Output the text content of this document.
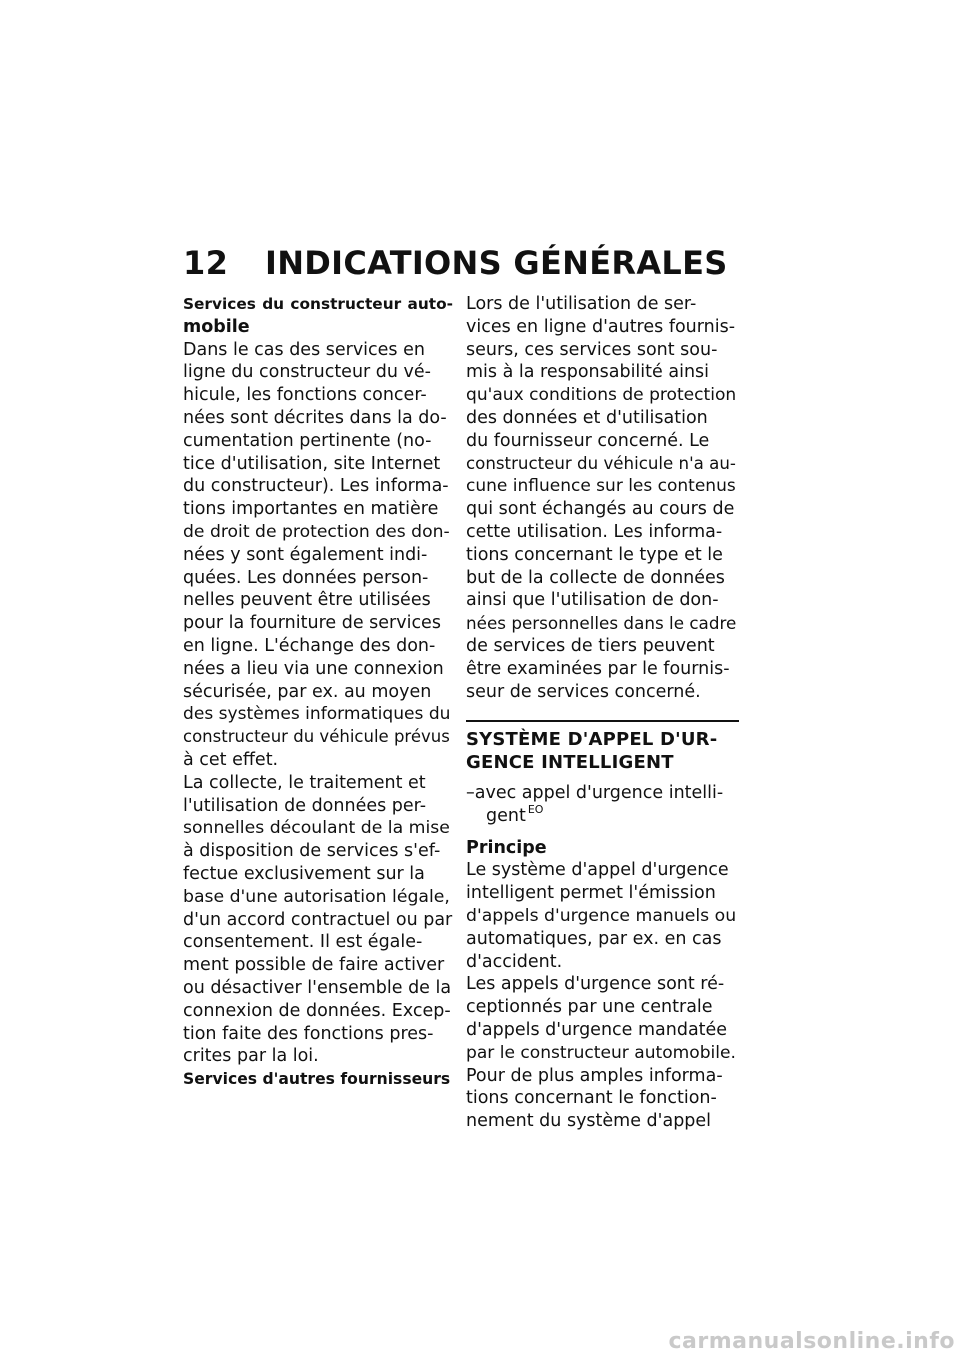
12 INDICATIONS GÉNÉRALES
Services du constructeur auto-
mobile
Dans le cas des services en
ligne du constructeur du vé-
hicule, les fonctions concer-
nées sont décrites dans la do-
cumentation pertinente (no-
tice d'utilisation, site Internet
du constructeur). Les informa-
tions importantes en matière
de droit de protection des don-
nées y sont également indi-
quées. Les données person-
nelles peuvent être utilisées
pour la fourniture de services
en ligne. L'échange des don-
nées a lieu via une connexion
sécurisée, par ex. au moyen
des systèmes informatiques du
constructeur du véhicule prévus
à cet effet.
La collecte, le traitement et
l'utilisation de données per-
sonnelles découlant de la mise
à disposition de services s'ef-
fectue exclusivement sur la
base d'une autorisation légale,
d'un accord contractuel ou par
consentement. Il est égale-
ment possible de faire activer
ou désactiver l'ensemble de la
connexion de données. Excep-
tion faite des fonctions pres-
crites par la loi.
Services d'autres fournisseurs
Lors de l'utilisation de ser-
vices en ligne d'autres fournis-
seurs, ces services sont sou-
mis à la responsabilité ainsi
qu'aux conditions de protection
des données et d'utilisation
du fournisseur concerné. Le
constructeur du véhicule n'a au-
cune influence sur les contenus
qui sont échangés au cours de
cette utilisation. Les informa-
tions concernant le type et le
but de la collecte de données
ainsi que l'utilisation de don-
nées personnelles dans le cadre
de services de tiers peuvent
être examinées par le fournis-
seur de services concerné.
SYSTÈME D'APPEL D'UR-
GENCE INTELLIGENT
–avec appel d'urgence intelli-
gent $^{EO}$
Principe
Le système d'appel d'urgence
intelligent permet l'émission
d'appels d'urgence manuels ou
automatiques, par ex. en cas
d'accident.
Les appels d'urgence sont ré-
ceptionnés par une centrale
d'appels d'urgence mandatée
par le constructeur automobile.
Pour de plus amples informa-
tions concernant le fonction-
nement du système d'appel
carmanualsonline.info
